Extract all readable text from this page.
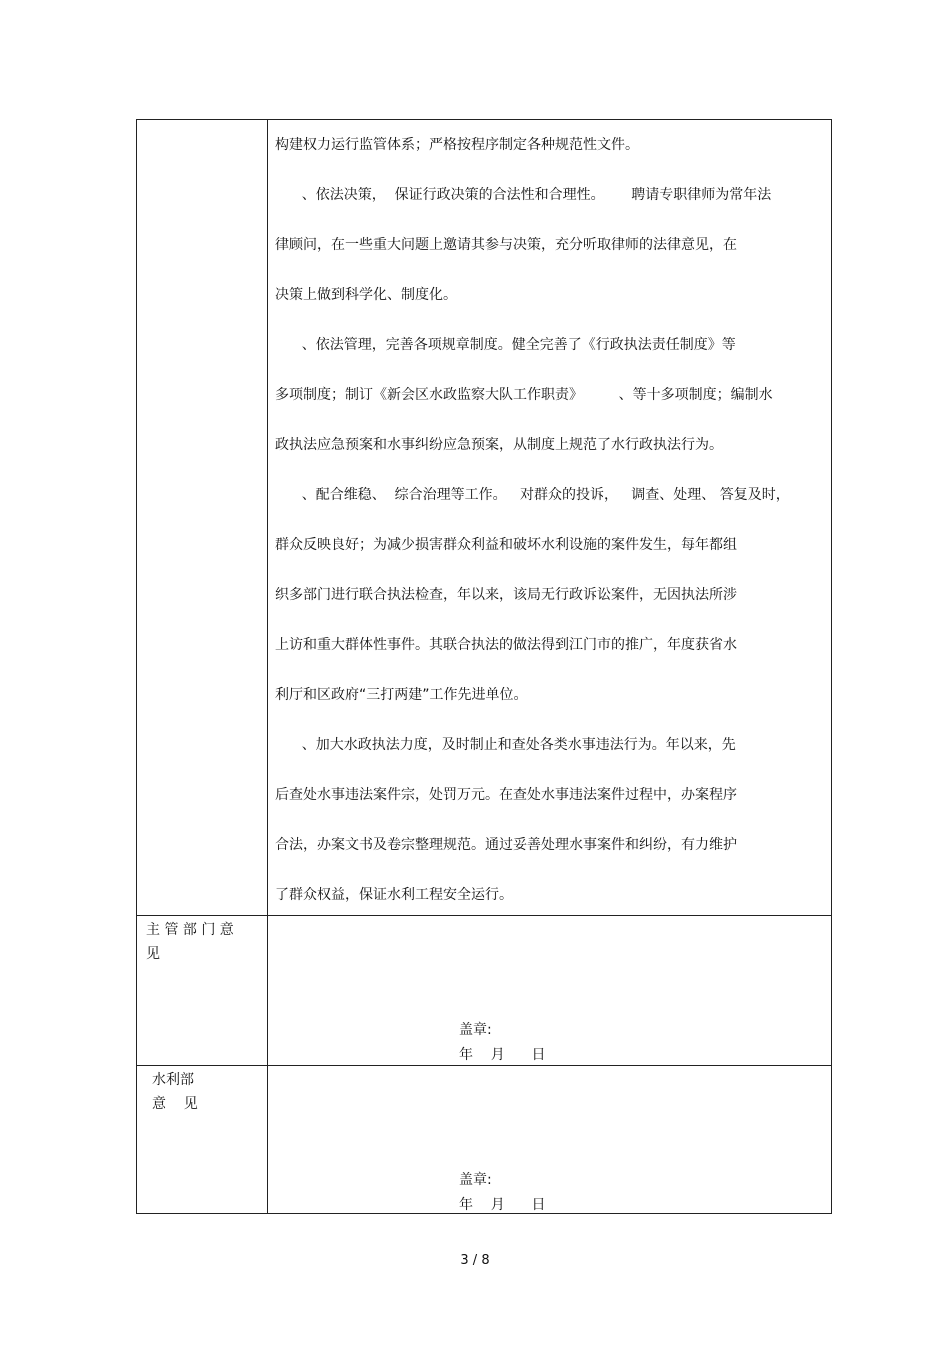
构建权力运行监管体系；严格按程序制定各种规范性文件。
、依法决策，  保证行政决策的合法性和合理性。      聘请专职律师为常年法
律顾问，在一些重大问题上邀请其参与决策，充分听取律师的法律意见，在
决策上做到科学化、制度化。
、依法管理，完善各项规章制度。健全完善了《行政执法责任制度》等
多项制度；制订《新会区水政监察大队工作职责》        、等十多项制度；编制水
政执法应急预案和水事纠纷应急预案，从制度上规范了水行政执法行为。
、配合维稳、  综合治理等工作。   对群众的投诉，   调查、处理、 答复及时，
群众反映良好；为减少损害群众利益和破坏水利设施的案件发生，每年都组
织多部门进行联合执法检查，年以来，该局无行政诉讼案件，无因执法所涉
上访和重大群体性事件。其联合执法的做法得到江门市的推广，年度获省水
利厅和区政府“三打两建”工作先进单位。
、加大水政执法力度，及时制止和查处各类水事违法行为。年以来，先
后查处水事违法案件宗，处罚万元。在查处水事违法案件过程中，办案程序
合法，办案文书及卷宗整理规范。通过妥善处理水事案件和纠纷，有力维护
了群众权益，保证水利工程安全运行。
主 管 部 门 意
见
盖章:
年    月      日
水利部
意    见
盖章:
年    月      日
3 / 8
